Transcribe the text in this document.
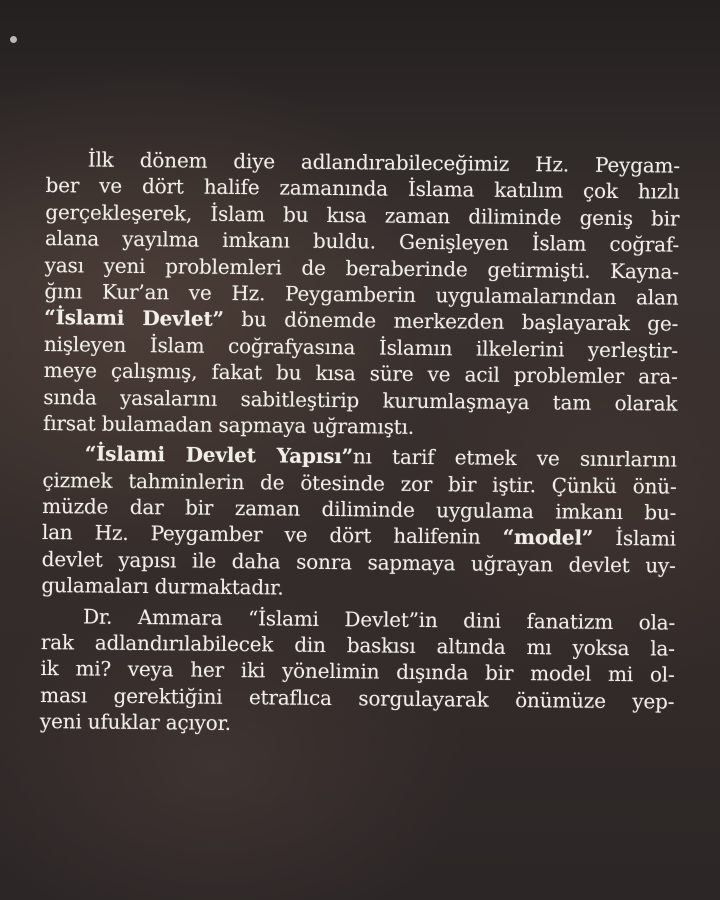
İlk dönem diye adlandırabileceğimiz Hz. Peygam-
ber ve dört halife zamanında İslama katılım çok hızlı
gerçekleşerek, İslam bu kısa zaman diliminde geniş bir
alana yayılma imkanı buldu. Genişleyen İslam coğraf-
yası yeni problemleri de beraberinde getirmişti. Kayna-
ğını Kur’an ve Hz. Peygamberin uygulamalarından alan
“İslami Devlet” bu dönemde merkezden başlayarak ge-
nişleyen İslam coğrafyasına İslamın ilkelerini yerleştir-
meye çalışmış, fakat bu kısa süre ve acil problemler ara-
sında yasalarını sabitleştirip kurumlaşmaya tam olarak
fırsat bulamadan sapmaya uğramıştı.
“İslami Devlet Yapısı”nı tarif etmek ve sınırlarını
çizmek tahminlerin de ötesinde zor bir iştir. Çünkü önü-
müzde dar bir zaman diliminde uygulama imkanı bu-
lan Hz. Peygamber ve dört halifenin “model” İslami
devlet yapısı ile daha sonra sapmaya uğrayan devlet uy-
gulamaları durmaktadır.
Dr. Ammara “İslami Devlet”in dini fanatizm ola-
rak adlandırılabilecek din baskısı altında mı yoksa la-
ik mi? veya her iki yönelimin dışında bir model mi ol-
ması gerektiğini etraflıca sorgulayarak önümüze yep-
yeni ufuklar açıyor.
